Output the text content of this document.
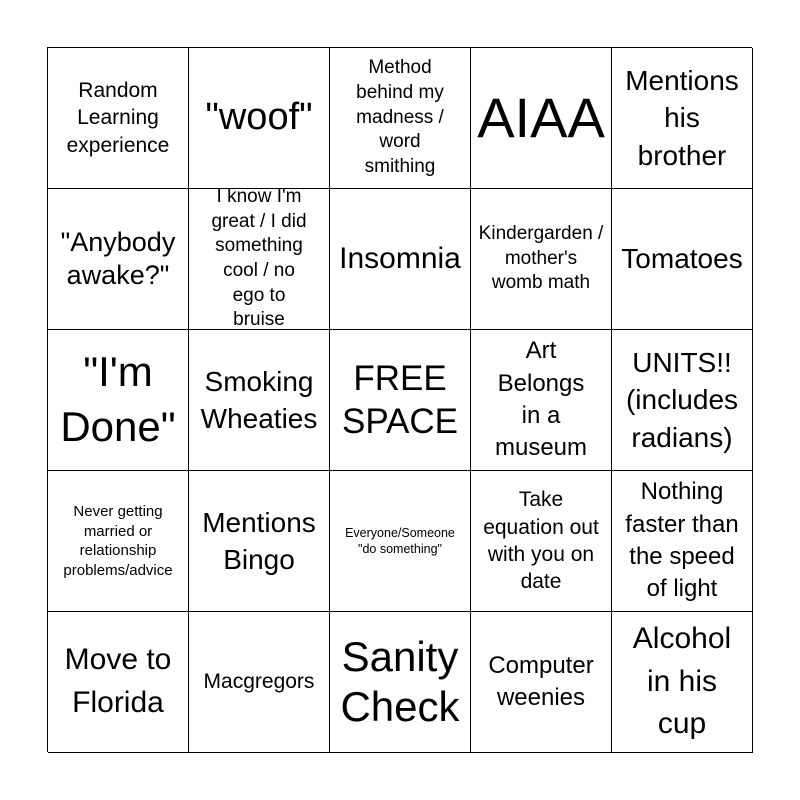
Random Learning experience
"woof"
Method behind my madness / word smithing
AIAA
Mentions his brother
"Anybody awake?"
I know I'm great / I did something cool / no ego to bruise
Insomnia
Kindergarden / mother's womb math
Tomatoes
"I'm Done"
Smoking Wheaties
FREE SPACE
Art Belongs in a museum
UNITS!! (includes radians)
Never getting married or relationship problems/advice
Mentions Bingo
Everyone/Someone "do something"
Take equation out with you on date
Nothing faster than the speed of light
Move to Florida
Macgregors
Sanity Check
Computer weenies
Alcohol in his cup
